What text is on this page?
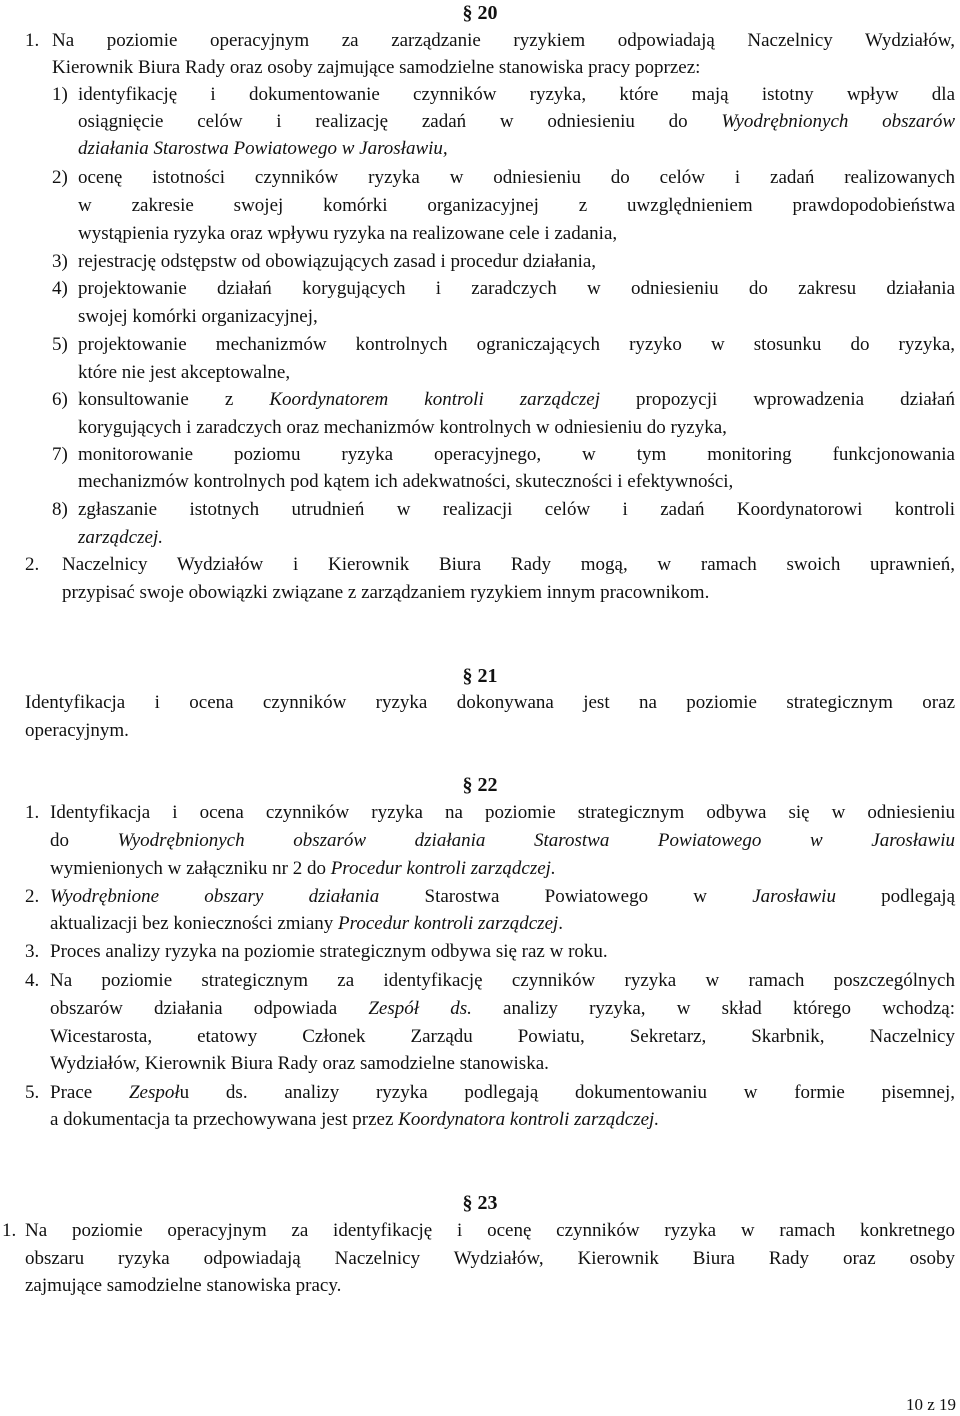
§ 20
1. Na poziomie operacyjnym za zarządzanie ryzykiem odpowiadają Naczelnicy Wydziałów,
Kierownik Biura Rady oraz osoby zajmujące samodzielne stanowiska pracy poprzez:
1) identyfikację i dokumentowanie czynników ryzyka, które mają istotny wpływ dla
osiągnięcie celów i realizację zadań w odniesieniu do Wyodrębnionych obszarów
działania Starostwa Powiatowego w Jarosławiu,
2) ocenę istotności czynników ryzyka w odniesieniu do celów i zadań realizowanych
w zakresie swojej komórki organizacyjnej z uwzględnieniem prawdopodobieństwa
wystąpienia ryzyka oraz wpływu ryzyka na realizowane cele i zadania,
3) rejestrację odstępstw od obowiązujących zasad i procedur działania,
4) projektowanie działań korygujących i zaradczych w odniesieniu do zakresu działania
swojej komórki organizacyjnej,
5) projektowanie mechanizmów kontrolnych ograniczających ryzyko w stosunku do ryzyka,
które nie jest akceptowalne,
6) konsultowanie z Koordynatorem kontroli zarządczej propozycji wprowadzenia działań
korygujących i zaradczych oraz mechanizmów kontrolnych w odniesieniu do ryzyka,
7) monitorowanie poziomu ryzyka operacyjnego, w tym monitoring funkcjonowania
mechanizmów kontrolnych pod kątem ich adekwatności, skuteczności i efektywności,
8) zgłaszanie istotnych utrudnień w realizacji celów i zadań Koordynatorowi kontroli
zarządczej.
2. Naczelnicy Wydziałów i Kierownik Biura Rady mogą, w ramach swoich uprawnień,
przypisać swoje obowiązki związane z zarządzaniem ryzykiem innym pracownikom.
§ 21
Identyfikacja i ocena czynników ryzyka dokonywana jest na poziomie strategicznym oraz
operacyjnym.
§ 22
1. Identyfikacja i ocena czynników ryzyka na poziomie strategicznym odbywa się w odniesieniu
do Wyodrębnionych obszarów działania Starostwa Powiatowego w Jarosławiu
wymienionych w załączniku nr 2 do Procedur kontroli zarządczej.
2. Wyodrębnione obszary działania Starostwa Powiatowego w Jarosławiu podlegają
aktualizacji bez konieczności zmiany Procedur kontroli zarządczej.
3. Proces analizy ryzyka na poziomie strategicznym odbywa się raz w roku.
4. Na poziomie strategicznym za identyfikację czynników ryzyka w ramach poszczególnych
obszarów działania odpowiada Zespół ds. analizy ryzyka, w skład którego wchodzą:
Wicestarosta, etatowy Członek Zarządu Powiatu, Sekretarz, Skarbnik, Naczelnicy
Wydziałów, Kierownik Biura Rady oraz samodzielne stanowiska.
5. Prace Zespołu ds. analizy ryzyka podlegają dokumentowaniu w formie pisemnej,
a dokumentacja ta przechowywana jest przez Koordynatora kontroli zarządczej.
§ 23
1. Na poziomie operacyjnym za identyfikację i ocenę czynników ryzyka w ramach konkretnego
obszaru ryzyka odpowiadają Naczelnicy Wydziałów, Kierownik Biura Rady oraz osoby
zajmujące samodzielne stanowiska pracy.
10 z 19
